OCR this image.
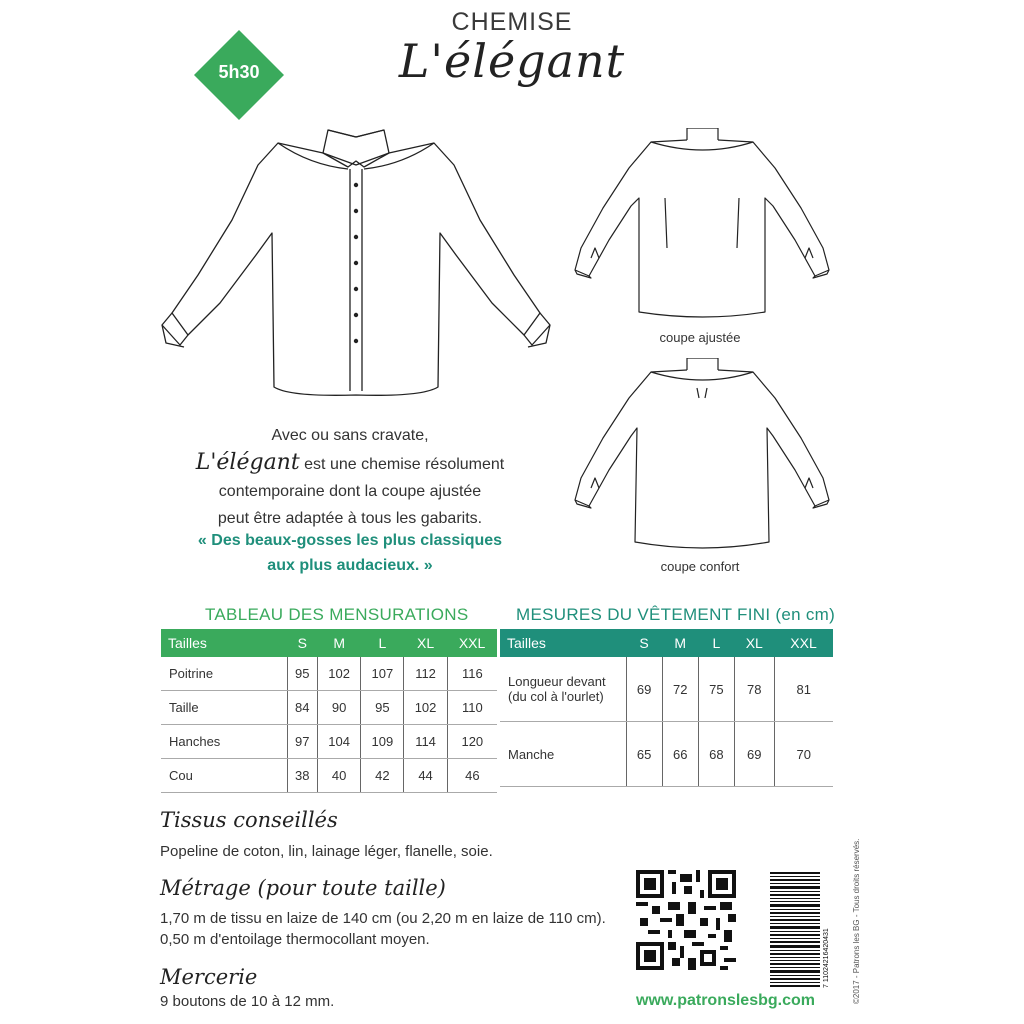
CHEMISE
L'élégant
5h30
coupe ajustée
coupe confort
Avec ou sans cravate,
L'élégant est une chemise résolument
contemporaine dont la coupe ajustée
peut être adaptée à tous les gabarits.
« Des beaux-gosses les plus classiques
aux plus audacieux. »
TABLEAU DES MENSURATIONS	MESURES DU VÊTEMENT FINI (en cm)
Tailles	S	M	L	XL	XXL
Poitrine	95	102	107	112	116
Taille	84	90	95	102	110
Hanches	97	104	109	114	120
Cou	38	40	42	44	46
Tailles	S	M	L	XL	XXL

Longueur devant
(du col à l'ourlet)	69	72	75	78	81

Manche	65	66	68	69	70
Tissus conseillés
Popeline de coton, lin, lainage léger, flanelle, soie.
Métrage (pour toute taille)
1,70 m de tissu en laize de 140 cm (ou 2,20 m en laize de 110 cm).
0,50 m d'entoilage thermocollant moyen.
Mercerie
9 boutons de 10 à 12 mm.
7 11024216420431	©2017 - Patrons les BG - Tous droits réservés.
www.patronslesbg.com
